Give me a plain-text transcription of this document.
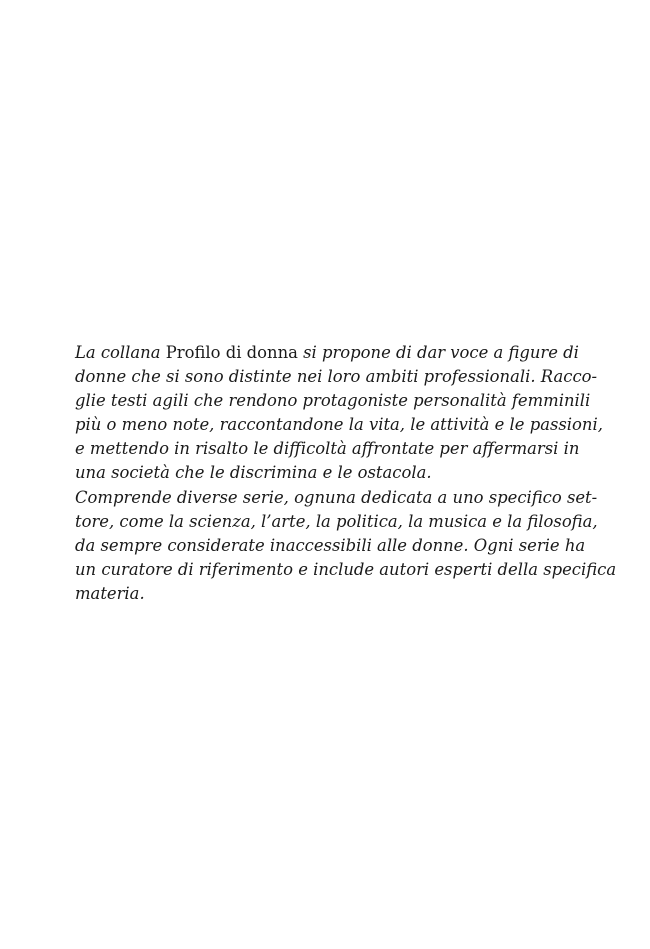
La collana Profilo di donna si propone di dar voce a figure di
donne che si sono distinte nei loro ambiti professionali. Racco-
glie testi agili che rendono protagoniste personalità femminili
più o meno note, raccontandone la vita, le attività e le passioni,
e mettendo in risalto le difficoltà affrontate per affermarsi in
una società che le discrimina e le ostacola.
Comprende diverse serie, ognuna dedicata a uno specifico set-
tore, come la scienza, l’arte, la politica, la musica e la filosofia,
da sempre considerate inaccessibili alle donne. Ogni serie ha
un curatore di riferimento e include autori esperti della specifica
materia.
